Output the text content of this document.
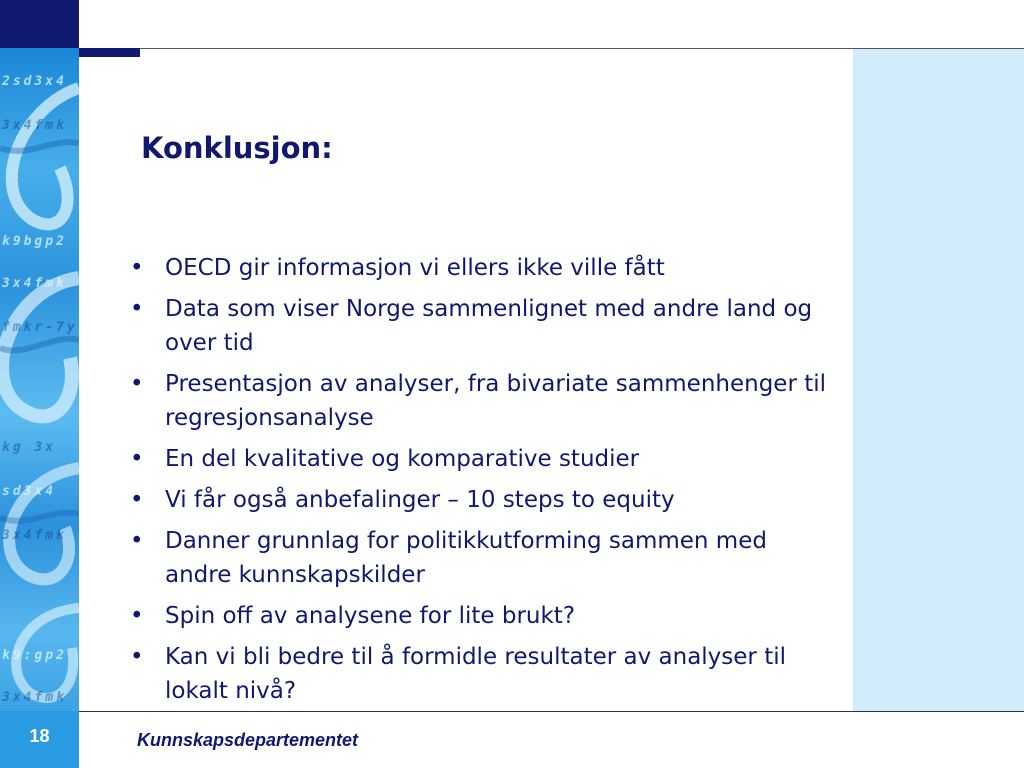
2sd3x4
3x4fmk
k9bgp2
3x4fmk
fmkr-7y
kg 3x
sd3x4
3x4fmk
k9:gp2
3x4fmk
Konklusjon:
• OECD gir informasjon vi ellers ikke ville fått
• Data som viser Norge sammenlignet med andre land og over tid
• Presentasjon av analyser, fra bivariate sammenhenger til regresjonsanalyse
• En del kvalitative og komparative studier
• Vi får også anbefalinger – 10 steps to equity
• Danner grunnlag for politikkutforming sammen med andre kunnskapskilder
• Spin off av analysene for lite brukt?
• Kan vi bli bedre til å formidle resultater av analyser til lokalt nivå?
18	Kunnskapsdepartementet
